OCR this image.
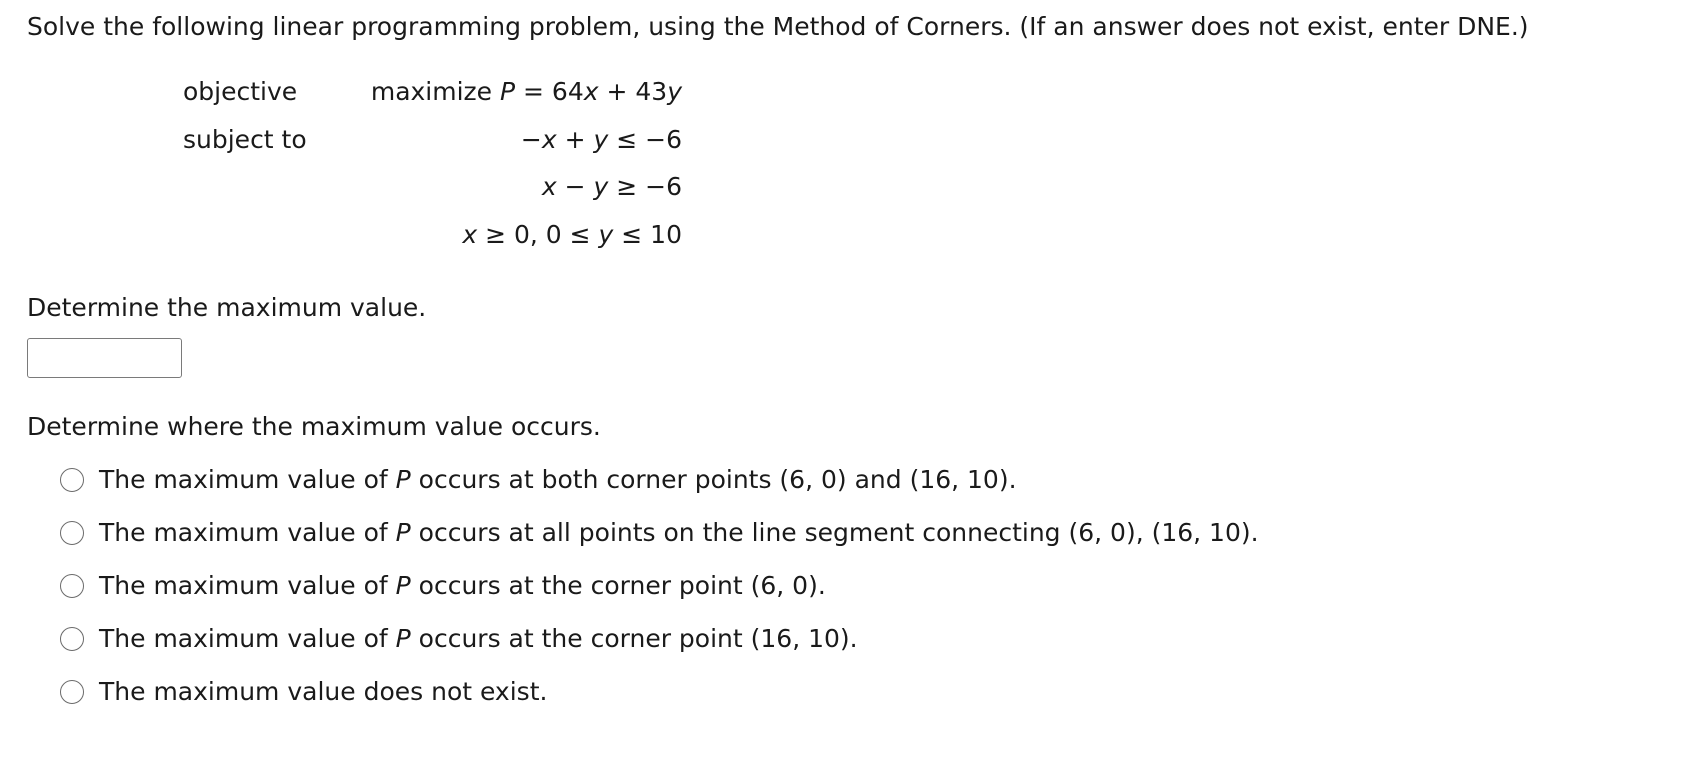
Solve the following linear programming problem, using the Method of Corners. (If an answer does not exist, enter DNE.)
objective	maximize P = 64x + 43y
subject to	−x + y ≤ −6
x − y ≥ −6
x ≥ 0, 0 ≤ y ≤ 10
Determine the maximum value.
Determine where the maximum value occurs.
The maximum value of P occurs at both corner points (6, 0) and (16, 10).
The maximum value of P occurs at all points on the line segment connecting (6, 0), (16, 10).
The maximum value of P occurs at the corner point (6, 0).
The maximum value of P occurs at the corner point (16, 10).
The maximum value does not exist.
